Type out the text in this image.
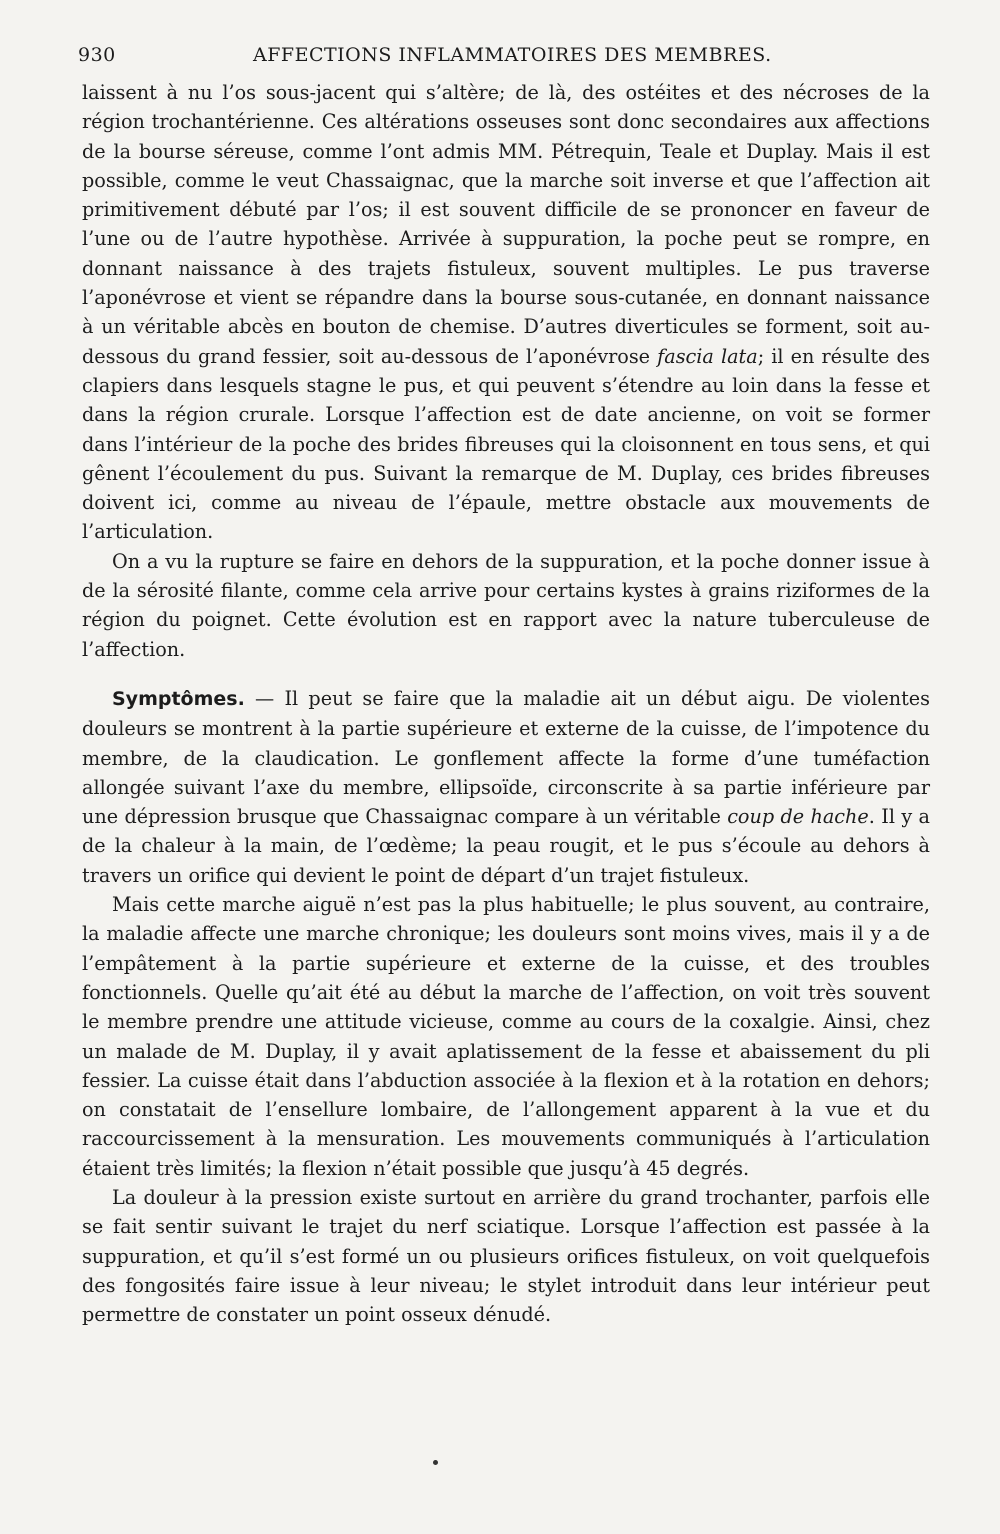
930	AFFECTIONS INFLAMMATOIRES DES MEMBRES.

laissent à nu l’os sous-jacent qui s’altère; de là, des ostéites et des nécroses de la région trochantérienne. Ces altérations osseuses sont donc secondaires aux affections de la bourse séreuse, comme l’ont admis MM. Pétrequin, Teale et Duplay. Mais il est possible, comme le veut Chassaignac, que la marche soit inverse et que l’affection ait primitivement débuté par l’os; il est souvent difficile de se prononcer en faveur de l’une ou de l’autre hypothèse. Arrivée à suppuration, la poche peut se rompre, en donnant naissance à des trajets fistuleux, souvent multiples. Le pus traverse l’aponévrose et vient se répandre dans la bourse sous-cutanée, en donnant naissance à un véritable abcès en bouton de chemise. D’autres diverticules se forment, soit au-dessous du grand fessier, soit au-dessous de l’aponévrose fascia lata; il en résulte des clapiers dans lesquels stagne le pus, et qui peuvent s’étendre au loin dans la fesse et dans la région crurale. Lorsque l’affection est de date ancienne, on voit se former dans l’intérieur de la poche des brides fibreuses qui la cloisonnent en tous sens, et qui gênent l’écoulement du pus. Suivant la remarque de M. Duplay, ces brides fibreuses doivent ici, comme au niveau de l’épaule, mettre obstacle aux mouvements de l’articulation.

On a vu la rupture se faire en dehors de la suppuration, et la poche donner issue à de la sérosité filante, comme cela arrive pour certains kystes à grains riziformes de la région du poignet. Cette évolution est en rapport avec la nature tuberculeuse de l’affection.

Symptômes. — Il peut se faire que la maladie ait un début aigu. De violentes douleurs se montrent à la partie supérieure et externe de la cuisse, de l’impotence du membre, de la claudication. Le gonflement affecte la forme d’une tuméfaction allongée suivant l’axe du membre, ellipsoïde, circonscrite à sa partie inférieure par une dépression brusque que Chassaignac compare à un véritable coup de hache. Il y a de la chaleur à la main, de l’œdème; la peau rougit, et le pus s’écoule au dehors à travers un orifice qui devient le point de départ d’un trajet fistuleux.

Mais cette marche aiguë n’est pas la plus habituelle; le plus souvent, au contraire, la maladie affecte une marche chronique; les douleurs sont moins vives, mais il y a de l’empâtement à la partie supérieure et externe de la cuisse, et des troubles fonctionnels. Quelle qu’ait été au début la marche de l’affection, on voit très souvent le membre prendre une attitude vicieuse, comme au cours de la coxalgie. Ainsi, chez un malade de M. Duplay, il y avait aplatissement de la fesse et abaissement du pli fessier. La cuisse était dans l’abduction associée à la flexion et à la rotation en dehors; on constatait de l’ensellure lombaire, de l’allongement apparent à la vue et du raccourcissement à la mensuration. Les mouvements communiqués à l’articulation étaient très limités; la flexion n’était possible que jusqu’à 45 degrés.

La douleur à la pression existe surtout en arrière du grand trochanter, parfois elle se fait sentir suivant le trajet du nerf sciatique. Lorsque l’affection est passée à la suppuration, et qu’il s’est formé un ou plusieurs orifices fistuleux, on voit quelquefois des fongosités faire issue à leur niveau; le stylet introduit dans leur intérieur peut permettre de constater un point osseux dénudé.
